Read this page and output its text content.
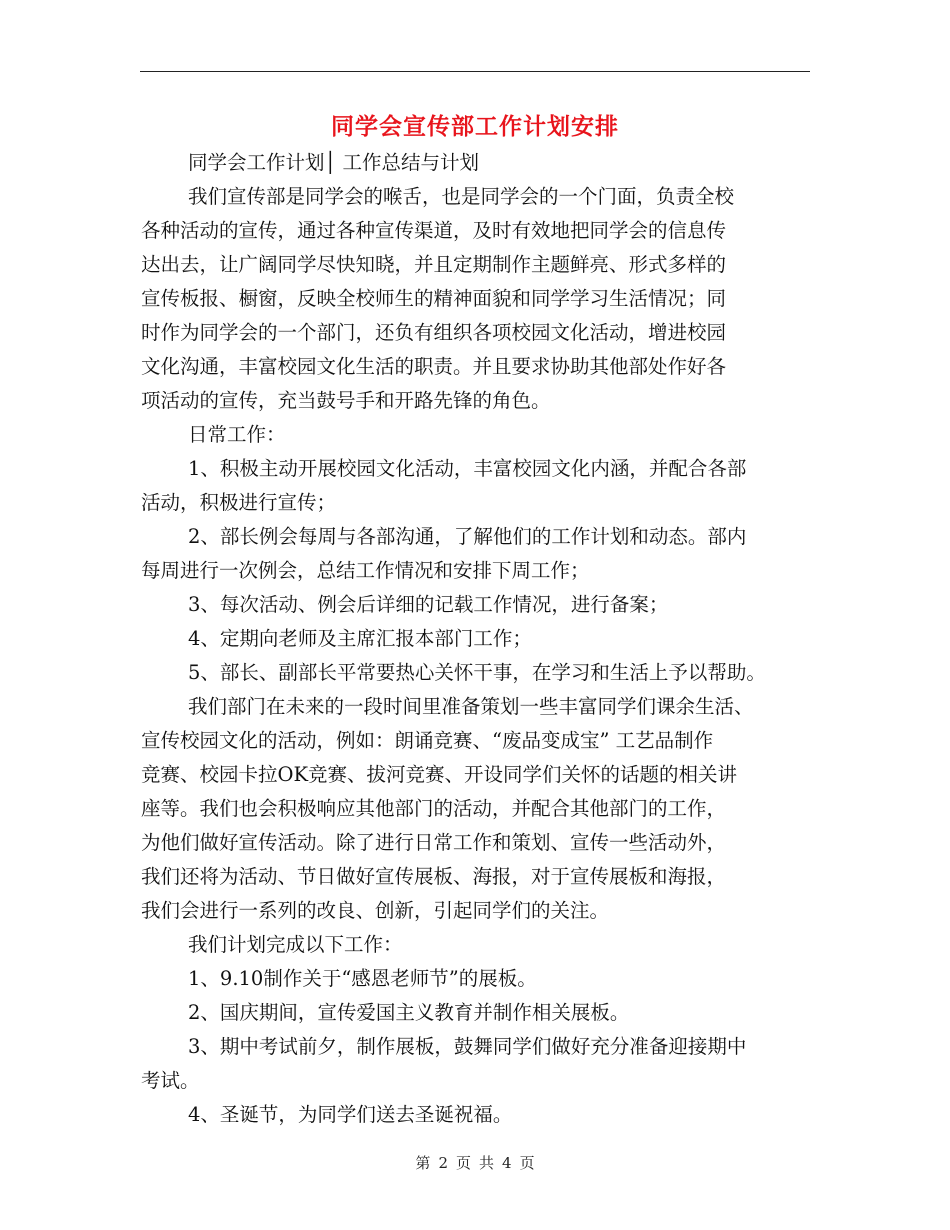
同学会宣传部工作计划安排
同学会工作计划│ 工作总结与计划
我们宣传部是同学会的喉舌，也是同学会的一个门面，负责全校
各种活动的宣传，通过各种宣传渠道，及时有效地把同学会的信息传
达出去，让广阔同学尽快知晓，并且定期制作主题鲜亮、形式多样的
宣传板报、橱窗，反映全校师生的精神面貌和同学学习生活情况；同
时作为同学会的一个部门，还负有组织各项校园文化活动，增进校园
文化沟通，丰富校园文化生活的职责。并且要求协助其他部处作好各
项活动的宣传，充当鼓号手和开路先锋的角色。
日常工作：
1、积极主动开展校园文化活动，丰富校园文化内涵，并配合各部
活动，积极进行宣传；
2、部长例会每周与各部沟通，了解他们的工作计划和动态。部内
每周进行一次例会，总结工作情况和安排下周工作；
3、每次活动、例会后详细的记载工作情况，进行备案；
4、定期向老师及主席汇报本部门工作；
5、部长、副部长平常要热心关怀干事，在学习和生活上予以帮助。
我们部门在未来的一段时间里准备策划一些丰富同学们课余生活、
宣传校园文化的活动，例如：朗诵竞赛、“废品变成宝” 工艺品制作
竞赛、校园卡拉OK竞赛、拔河竞赛、开设同学们关怀的话题的相关讲
座等。我们也会积极响应其他部门的活动，并配合其他部门的工作，
为他们做好宣传活动。除了进行日常工作和策划、宣传一些活动外，
我们还将为活动、节日做好宣传展板、海报，对于宣传展板和海报，
我们会进行一系列的改良、创新，引起同学们的关注。
我们计划完成以下工作：
1、9.10制作关于“感恩老师节”的展板。
2、国庆期间，宣传爱国主义教育并制作相关展板。
3、期中考试前夕，制作展板，鼓舞同学们做好充分准备迎接期中
考试。
4、圣诞节，为同学们送去圣诞祝福。
第 2 页 共 4 页
